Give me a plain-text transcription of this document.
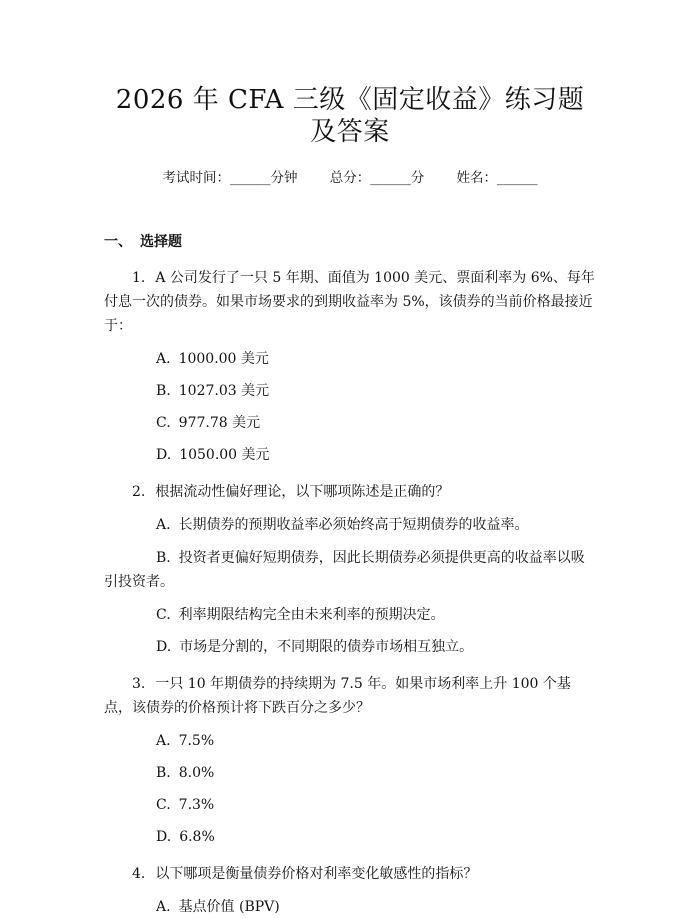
2026 年 CFA 三级《固定收益》练习题及答案
考试时间：______分钟 总分：______分 姓名：______
一、 选择题

1. A 公司发行了一只 5 年期、面值为 1000 美元、票面利率为 6%、每年付息一次的债券。如果市场要求的到期收益率为 5%，该债券的当前价格最接近于：

A. 1000.00 美元
B. 1027.03 美元
C. 977.78 美元
D. 1050.00 美元

2. 根据流动性偏好理论，以下哪项陈述是正确的？

A. 长期债券的预期收益率必须始终高于短期债券的收益率。
B. 投资者更偏好短期债券，因此长期债券必须提供更高的收益率以吸引投资者。
C. 利率期限结构完全由未来利率的预期决定。
D. 市场是分割的，不同期限的债券市场相互独立。

3. 一只 10 年期债券的持续期为 7.5 年。如果市场利率上升 100 个基点，该债券的价格预计将下跌百分之多少？

A. 7.5%
B. 8.0%
C. 7.3%
D. 6.8%

4. 以下哪项是衡量债券价格对利率变化敏感性的指标？

A. 基点价值 (BPV)
